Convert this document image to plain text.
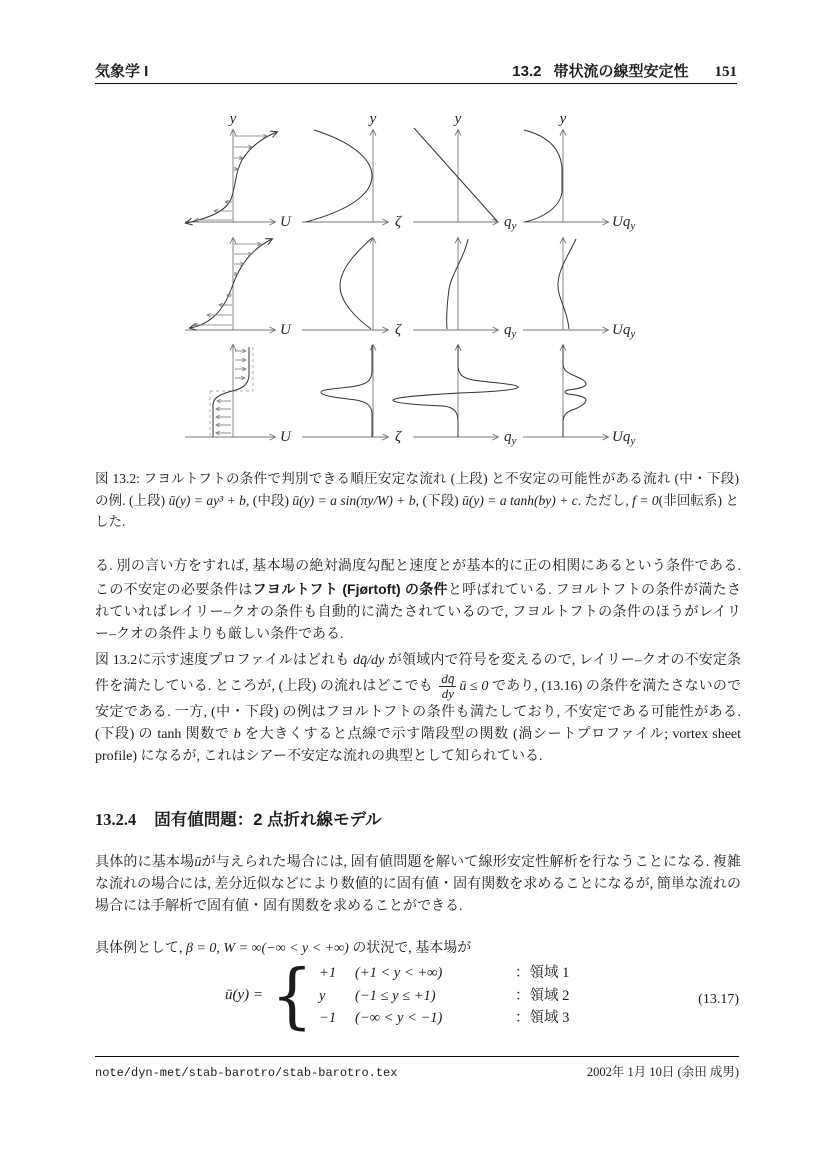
気象学 I	13.2 帯状流の線型安定性 151
y	y	y	y
U	ζ	$q_y$	$Uq_y$
U	ζ	$q_y$	$Uq_y$
U	ζ	$q_y$	$Uq_y$
図 13.2: フヨルトフトの条件で判別できる順圧安定な流れ (上段) と不安定の可能性がある流れ (中・下段) の例. (上段) ū(y) = ay³ + b, (中段) ū(y) = a sin(πy/W) + b, (下段) ū(y) = a tanh(by) + c. ただし, f = 0(非回転系) とした.
る. 別の言い方をすれば, 基本場の絶対渦度勾配と速度とが基本的に正の相関にあるという条件である. この不安定の必要条件はフヨルトフト (Fjørtoft) の条件と呼ばれている. フヨルトフトの条件が満たされていればレイリー–クオの条件も自動的に満たされているので, フヨルトフトの条件のほうがレイリー–クオの条件よりも厳しい条件である.
図 13.2に示す速度プロファイルはどれも dq̄/dy が領域内で符号を変えるので, レイリー–クオの不安定条件を満たしている. ところが, (上段) の流れはどこでも $\frac{dq̄}{dy}$ ū ≤ 0 であり, (13.16) の条件を満たさないので安定である. 一方, (中・下段) の例はフヨルトフトの条件も満たしており, 不安定である可能性がある. (下段) の tanh 関数で b を大きくすると点線で示す階段型の関数 (渦シートプロファイル; vortex sheet profile) になるが, これはシアー不安定な流れの典型として知られている.
13.2.4 固有値問題：2 点折れ線モデル
具体的に基本場ūが与えられた場合には, 固有値問題を解いて線形安定性解析を行なうことになる. 複雑な流れの場合には, 差分近似などにより数値的に固有値・固有関数を求めることになるが, 簡単な流れの場合には手解析で固有値・固有関数を求めることができる.
具体例として, β = 0, W = ∞(−∞ < y < +∞) の状況で, 基本場が
ū(y) = { +1	(+1 < y < +∞)	：領域 1
y	(−1 ≤ y ≤ +1)	：領域 2
−1	(−∞ < y < −1)	：領域 3
(13.17)
note/dyn-met/stab-barotro/stab-barotro.tex	2002年 1月 10日 (余田 成男)
